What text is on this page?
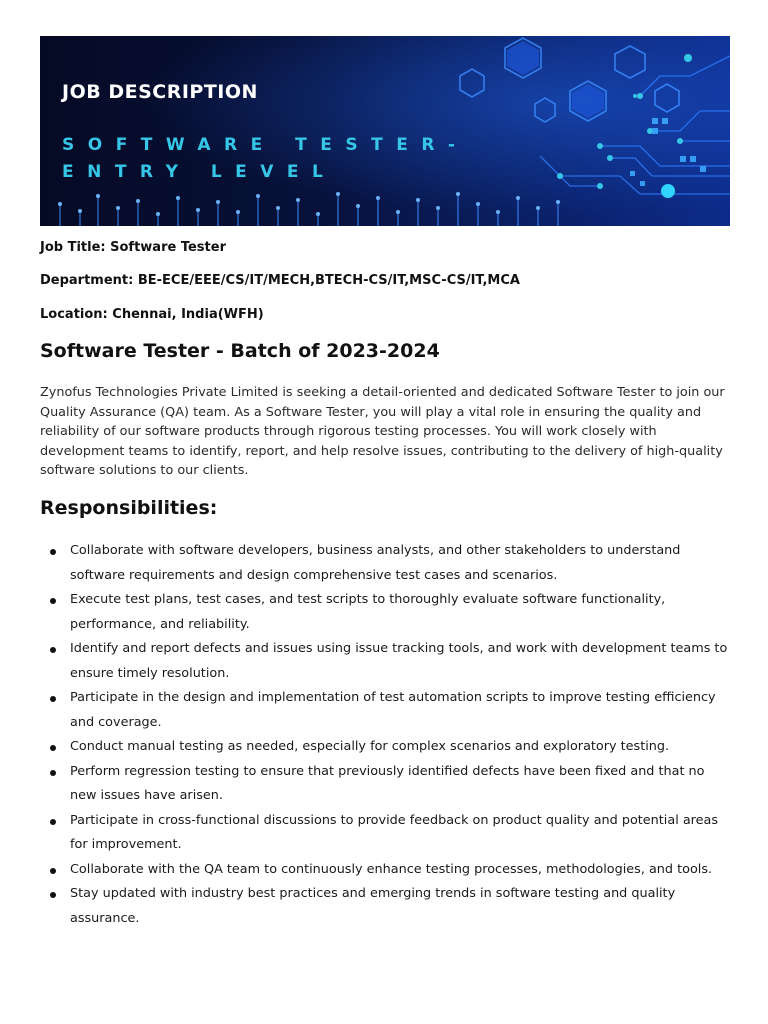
JOB DESCRIPTION
SOFTWARE TESTER-
ENTRY LEVEL
Job Title: Software Tester
Department: BE-ECE/EEE/CS/IT/MECH,BTECH-CS/IT,MSC-CS/IT,MCA
Location: Chennai, India(WFH)
Software Tester - Batch of 2023-2024
Zynofus Technologies Private Limited is seeking a detail-oriented and dedicated Software Tester to join our Quality Assurance (QA) team. As a Software Tester, you will play a vital role in ensuring the quality and reliability of our software products through rigorous testing processes. You will work closely with development teams to identify, report, and help resolve issues, contributing to the delivery of high-quality software solutions to our clients.
Responsibilities:
Collaborate with software developers, business analysts, and other stakeholders to understand software requirements and design comprehensive test cases and scenarios.
Execute test plans, test cases, and test scripts to thoroughly evaluate software functionality, performance, and reliability.
Identify and report defects and issues using issue tracking tools, and work with development teams to ensure timely resolution.
Participate in the design and implementation of test automation scripts to improve testing efficiency and coverage.
Conduct manual testing as needed, especially for complex scenarios and exploratory testing.
Perform regression testing to ensure that previously identified defects have been fixed and that no new issues have arisen.
Participate in cross-functional discussions to provide feedback on product quality and potential areas for improvement.
Collaborate with the QA team to continuously enhance testing processes, methodologies, and tools.
Stay updated with industry best practices and emerging trends in software testing and quality assurance.
